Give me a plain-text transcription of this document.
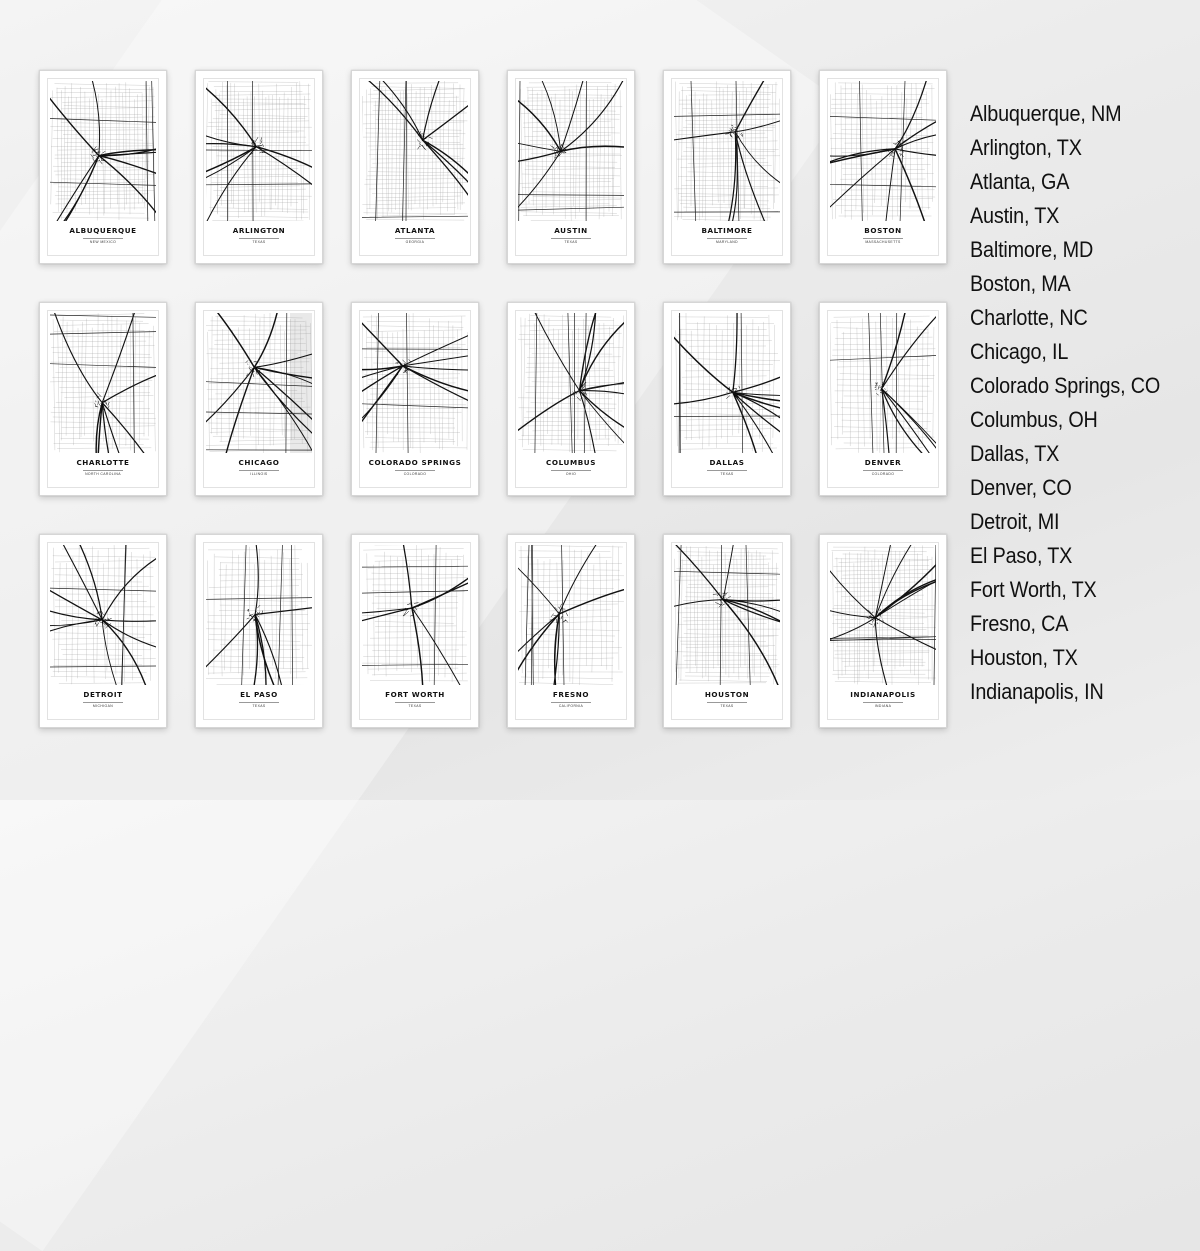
ALBUQUERQUE
NEW MEXICO
ARLINGTON
TEXAS
ATLANTA
GEORGIA
AUSTIN
TEXAS
BALTIMORE
MARYLAND
BOSTON
MASSACHUSETTS
CHARLOTTE
NORTH CAROLINA
CHICAGO
ILLINOIS
COLORADO SPRINGS
COLORADO
COLUMBUS
OHIO
DALLAS
TEXAS
DENVER
COLORADO
DETROIT
MICHIGAN
EL PASO
TEXAS
FORT WORTH
TEXAS
FRESNO
CALIFORNIA
HOUSTON
TEXAS
INDIANAPOLIS
INDIANA
Albuquerque, NM
Arlington, TX
Atlanta, GA
Austin, TX
Baltimore, MD
Boston, MA
Charlotte, NC
Chicago, IL
Colorado Springs, CO
Columbus, OH
Dallas, TX
Denver, CO
Detroit, MI
El Paso, TX
Fort Worth, TX
Fresno, CA
Houston, TX
Indianapolis, IN
